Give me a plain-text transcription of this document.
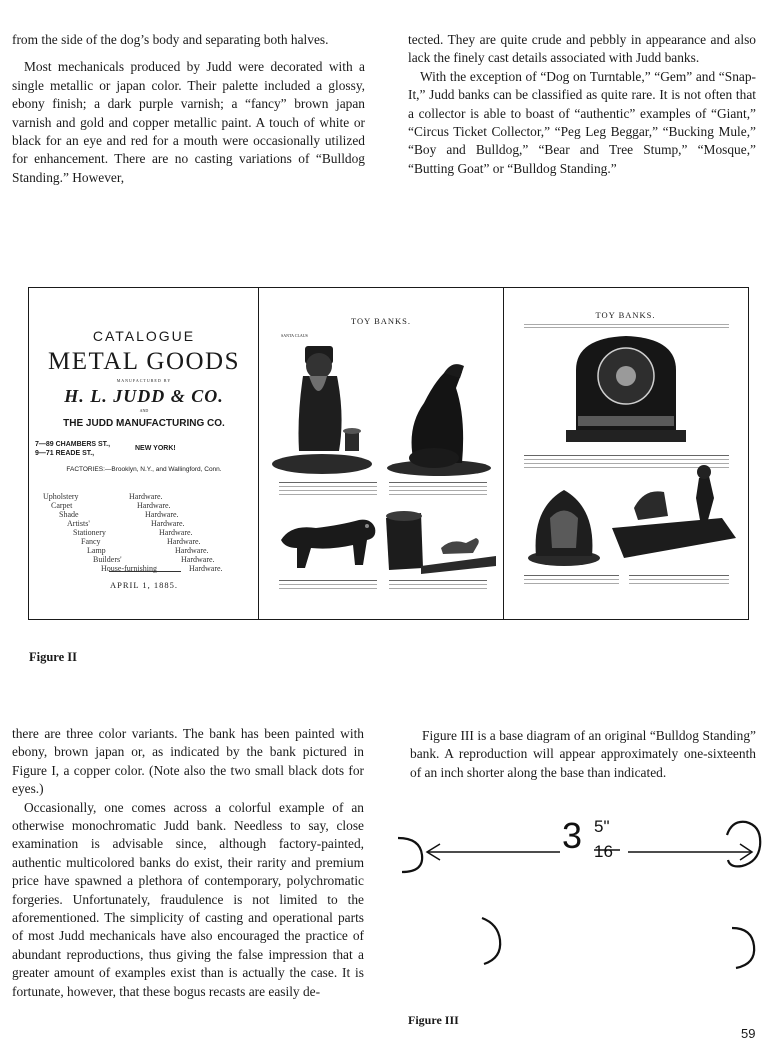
from the side of the dog’s body and separating both halves.

Most mechanicals produced by Judd were decorated with a single metallic or japan color. Their palette included a glossy, ebony finish; a dark purple varnish; a “fancy” brown japan varnish and gold and copper metallic paint. A touch of white or black for an eye and red for a mouth were occasionally utilized for enhancement. There are no casting variations of “Bulldog Standing.” However,

tected. They are quite crude and pebbly in appearance and also lack the finely cast details associated with Judd banks.

With the exception of “Dog on Turntable,” “Gem” and “Snap-It,” Judd banks can be classified as quite rare. It is not often that a collector is able to boast of “authentic” examples of “Giant,” “Circus Ticket Collector,” “Peg Leg Beggar,” “Bucking Mule,” “Boy and Bulldog,” “Bear and Tree Stump,” “Mosque,” “Butting Goat” or “Bulldog Standing.”

CATALOGUE
METAL GOODS
MANUFACTURED BY
H. L. JUDD & CO.
AND
THE JUDD MANUFACTURING CO.
7—89 CHAMBERS ST.,
9—71 READE ST.,
NEW YORK!
FACTORIES:—Brooklyn, N.Y., and Wallingford, Conn.
Upholstery
Carpet
Shade
Artists'
Stationery
Fancy
Lamp
Builders'
House-furnishing
Hardware.
Hardware.
Hardware.
Hardware.
Hardware.
Hardware.
Hardware.
Hardware.
Hardware.
APRIL 1, 1885.
TOY BANKS.
SANTA CLAUS
TOY BANKS.
Figure II

there are three color variants. The bank has been painted with ebony, brown japan or, as indicated by the bank pictured in Figure I, a copper color. (Note also the two small black dots for eyes.)

Occasionally, one comes across a colorful example of an otherwise monochromatic Judd bank. Needless to say, close examination is advisable since, although factory-painted, authentic multicolored banks do exist, their rarity and premium price have spawned a plethora of contemporary, polychromatic forgeries. Unfortunately, fraudulence is not limited to the aforementioned. The simplicity of casting and operational parts of most Judd mechanicals have also encouraged the practice of abundant reproductions, thus giving the false impression that a greater amount of examples exist than is actually the case. It is fortunate, however, that these bogus recasts are easily de-

Figure III is a base diagram of an original “Bulldog Standing” bank. A reproduction will appear approximately one-sixteenth of an inch shorter along the base than indicated.

3 5"
16
Figure III
59
